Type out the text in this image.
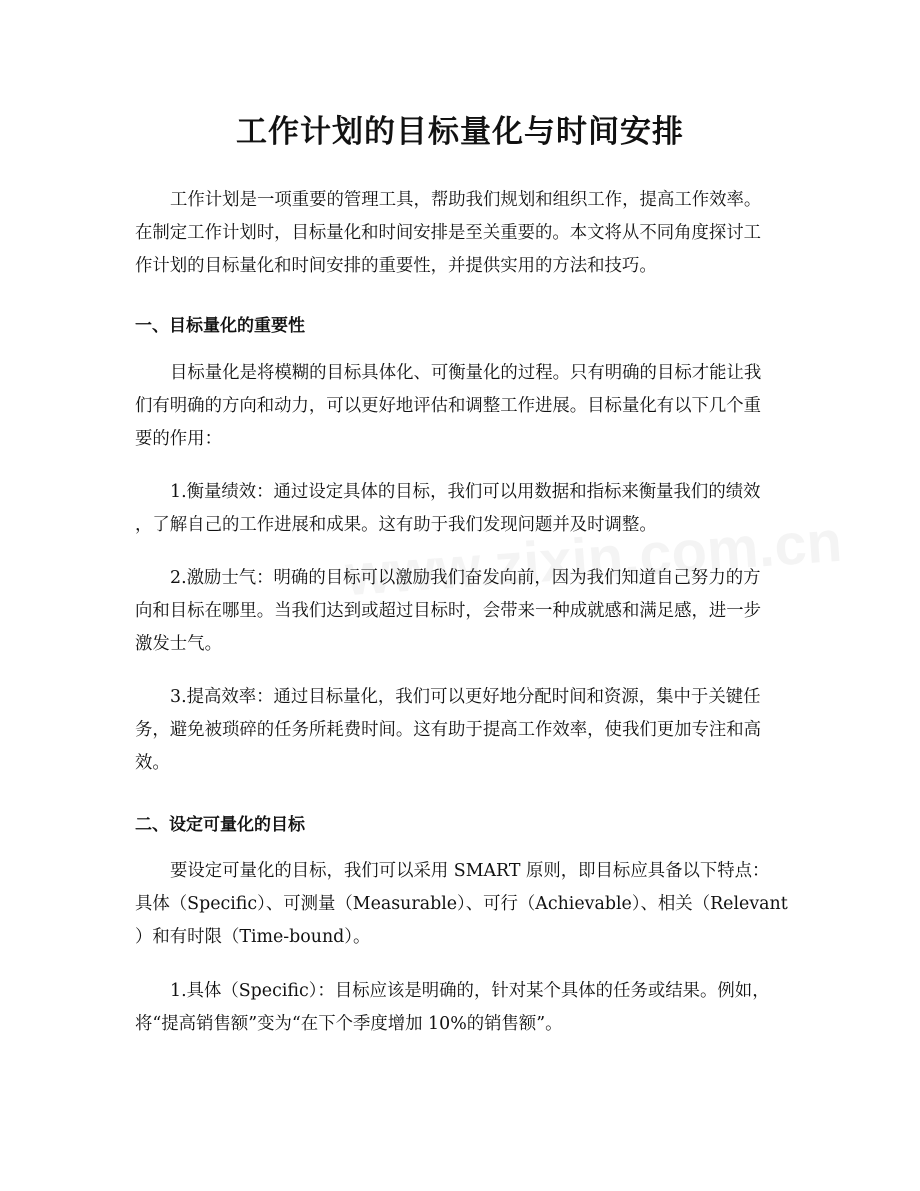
工作计划的目标量化与时间安排

工作计划是一项重要的管理工具，帮助我们规划和组织工作，提高工作效率。
在制定工作计划时，目标量化和时间安排是至关重要的。本文将从不同角度探讨工
作计划的目标量化和时间安排的重要性，并提供实用的方法和技巧。

一、目标量化的重要性

目标量化是将模糊的目标具体化、可衡量化的过程。只有明确的目标才能让我
们有明确的方向和动力，可以更好地评估和调整工作进展。目标量化有以下几个重
要的作用：

1.衡量绩效：通过设定具体的目标，我们可以用数据和指标来衡量我们的绩效
，了解自己的工作进展和成果。这有助于我们发现问题并及时调整。

2.激励士气：明确的目标可以激励我们奋发向前，因为我们知道自己努力的方
向和目标在哪里。当我们达到或超过目标时，会带来一种成就感和满足感，进一步
激发士气。

3.提高效率：通过目标量化，我们可以更好地分配时间和资源，集中于关键任
务，避免被琐碎的任务所耗费时间。这有助于提高工作效率，使我们更加专注和高
效。

二、设定可量化的目标

要设定可量化的目标，我们可以采用 SMART 原则，即目标应具备以下特点：
具体（Specific）、可测量（Measurable）、可行（Achievable）、相关（Relevant
）和有时限（Time-bound）。

1.具体（Specific）：目标应该是明确的，针对某个具体的任务或结果。例如，
将“提高销售额”变为“在下个季度增加 10%的销售额”。
